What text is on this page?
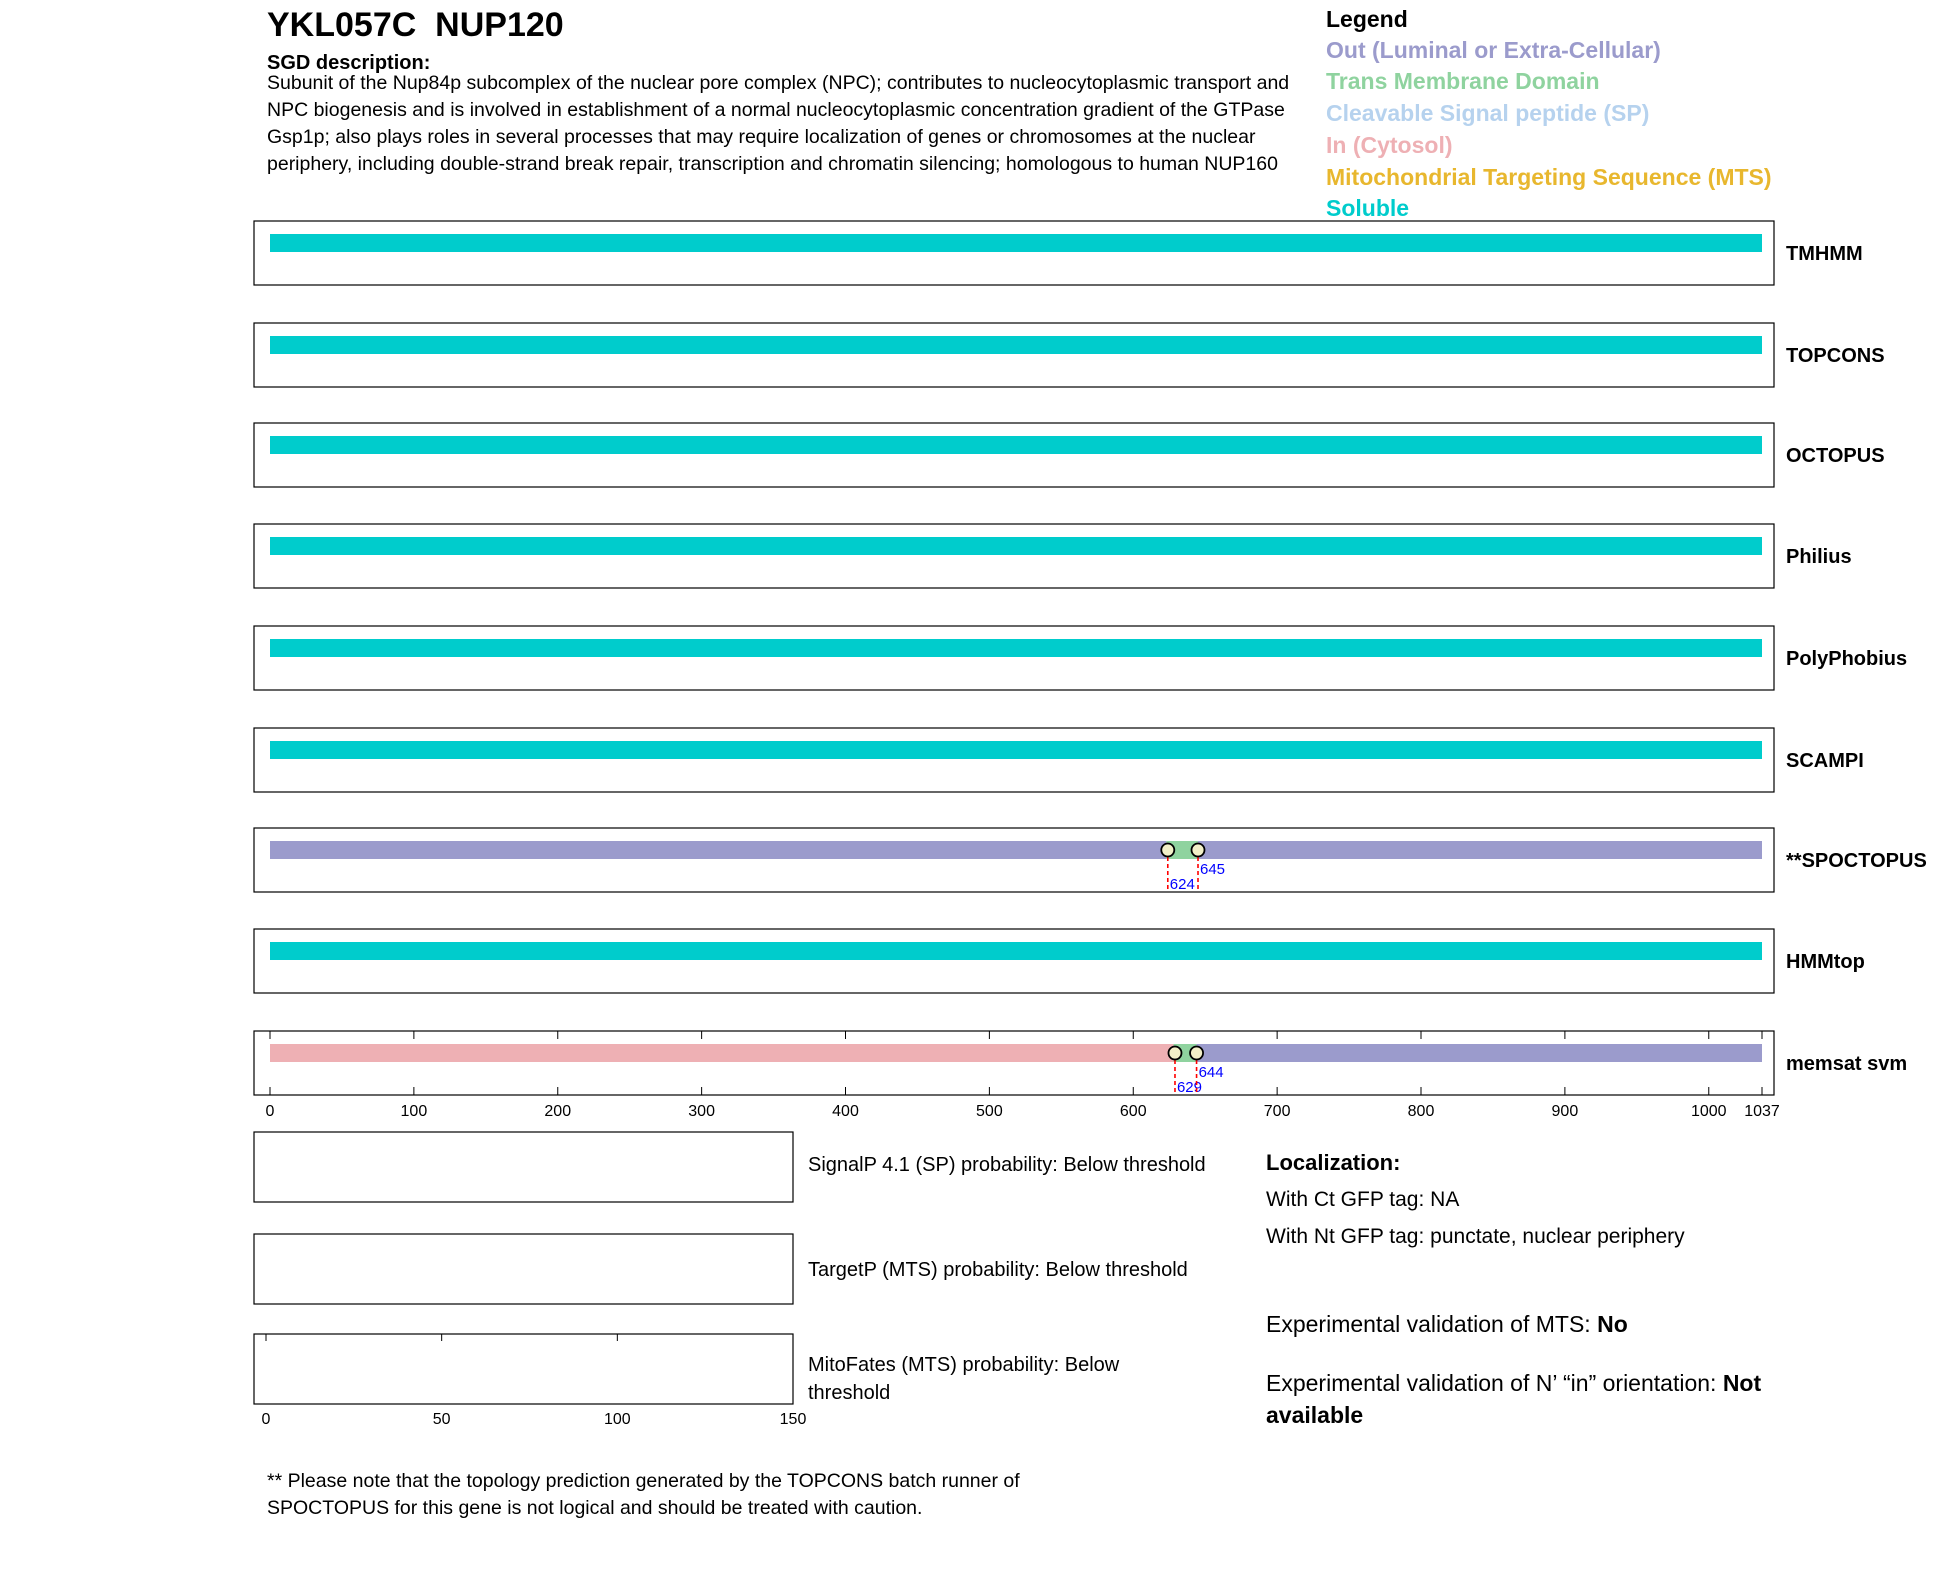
YKL057C  NUP120
SGD description:
Subunit of the Nup84p subcomplex of the nuclear pore complex (NPC); contributes to nucleocytoplasmic transport and NPC biogenesis and is involved in establishment of a normal nucleocytoplasmic concentration gradient of the GTPase Gsp1p; also plays roles in several processes that may require localization of genes or chromosomes at the nuclear periphery, including double-strand break repair, transcription and chromatin silencing; homologous to human NUP160
Legend
Out (Luminal or Extra-Cellular)
Trans Membrane Domain
Cleavable Signal peptide (SP)
In (Cytosol)
Mitochondrial Targeting Sequence (MTS)
Soluble
TMHMM
TOPCONS
OCTOPUS
Philius
PolyPhobius
SCAMPI
624
645	**SPOCTOPUS
HMMtop
629
644	memsat svm
0	100	200	300	400	500	600	700	800	900	1000 1037
0	50	100	150
SignalP 4.1 (SP) probability: Below threshold
TargetP (MTS) probability: Below threshold
MitoFates (MTS) probability: Below threshold
Localization:
With Ct GFP tag: NA
With Nt GFP tag: punctate, nuclear periphery
Experimental validation of MTS: No
Experimental validation of N’ “in” orientation: Not available
** Please note that the topology prediction generated by the TOPCONS batch runner of SPOCTOPUS for this gene is not logical and should be treated with caution.
